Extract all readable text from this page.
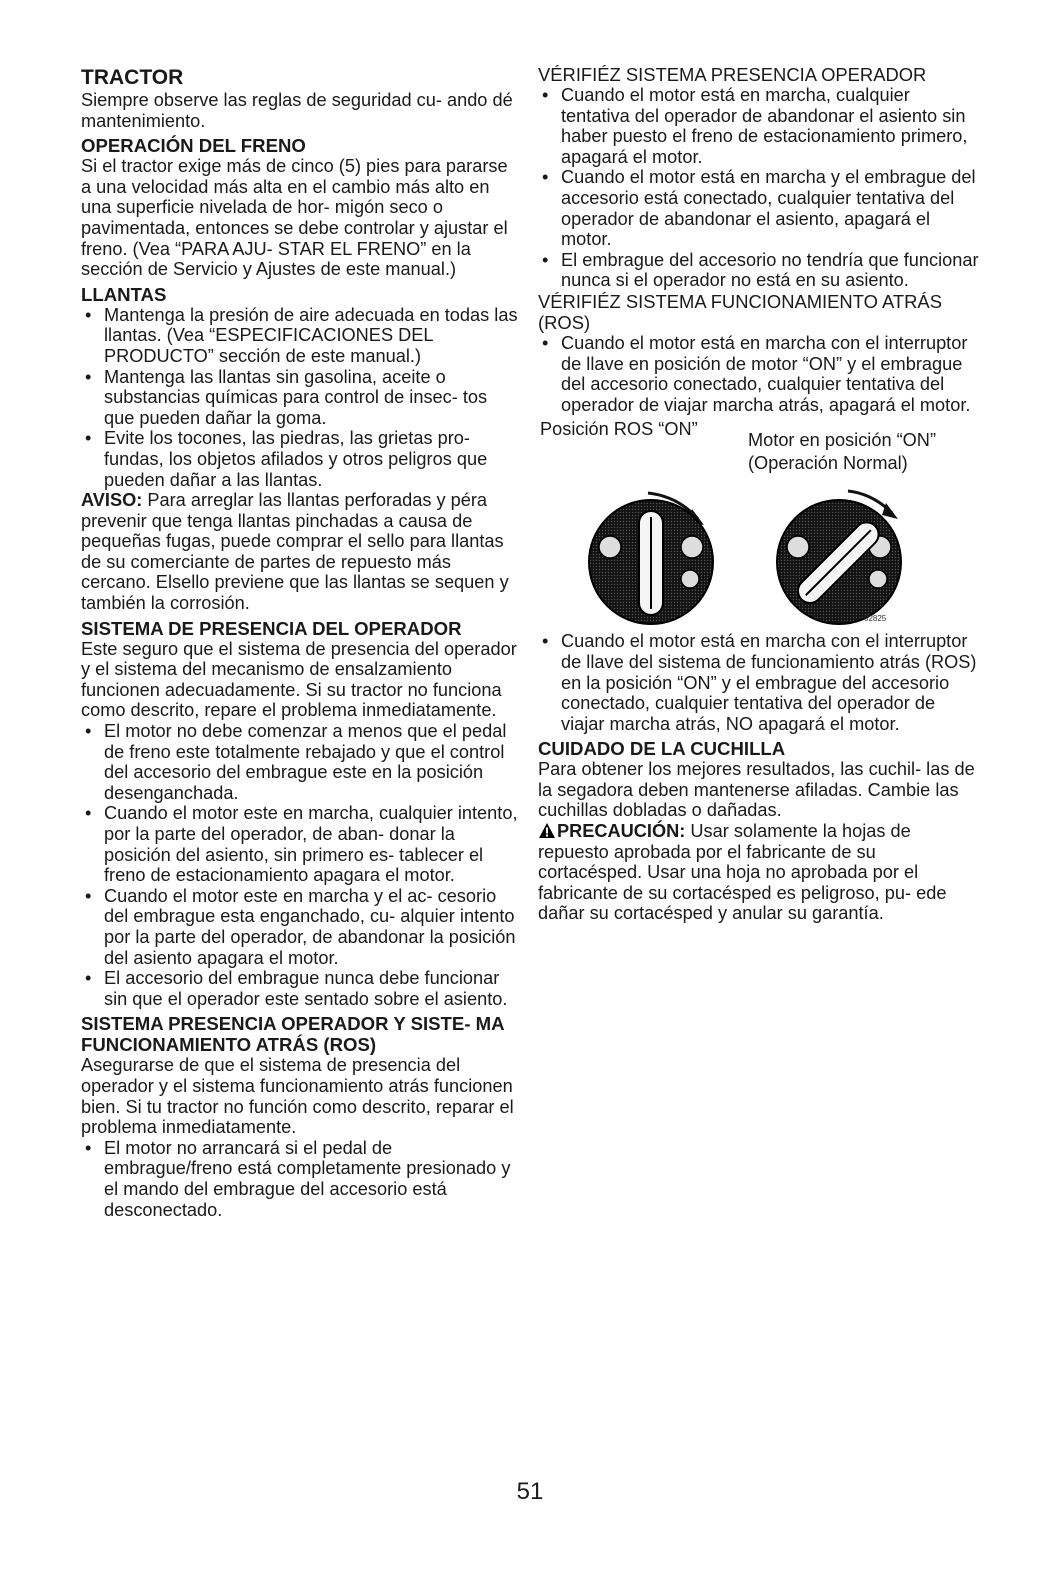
TRACTOR

Siempre observe las reglas de seguridad cu- ando dé mantenimiento.

OPERACIÓN DEL FRENO

Si el tractor exige más de cinco (5) pies para pararse a una velocidad más alta en el cambio más alto en una superficie nivelada de hor- migón seco o pavimentada, entonces se debe controlar y ajustar el freno. (Vea “PARA AJU- STAR EL FRENO” en la sección de Servicio y Ajustes de este manual.)

LLANTAS
• Mantenga la presión de aire adecuada en todas las llantas. (Vea “ESPECIFICACIONES DEL PRODUCTO” sección de este manual.)
• Mantenga las llantas sin gasolina, aceite o substancias químicas para control de insec- tos que pueden dañar la goma.
• Evite los tocones, las piedras, las grietas pro- fundas, los objetos afilados y otros peligros que pueden dañar a las llantas.

AVISO: Para arreglar las llantas perforadas y péra prevenir que tenga llantas pinchadas a causa de pequeñas fugas, puede comprar el sello para llantas de su comerciante de partes de repuesto más cercano. Elsello previene que las llantas se sequen y también la corrosión.

SISTEMA DE PRESENCIA DEL OPERADOR

Este seguro que el sistema de presencia del operador y el sistema del mecanismo de ensalzamiento funcionen adecuadamente. Si su tractor no funciona como descrito, repare el problema inmediatamente.

• El motor no debe comenzar a menos que el pedal de freno este totalmente rebajado y que el control del accesorio del embrague este en la posición desenganchada.
• Cuando el motor este en marcha, cualquier intento, por la parte del operador, de aban- donar la posición del asiento, sin primero es- tablecer el freno de estacionamiento apagara el motor.
• Cuando el motor este en marcha y el ac- cesorio del embrague esta enganchado, cu- alquier intento por la parte del operador, de abandonar la posición del asiento apagara el motor.
• El accesorio del embrague nunca debe funcionar sin que el operador este sentado sobre el asiento.
SISTEMA PRESENCIA OPERADOR Y SISTE- MA FUNCIONAMIENTO ATRÁS (ROS)

Asegurarse de que el sistema de presencia del operador y el sistema funcionamiento atrás funcionen bien. Si tu tractor no función como descrito, reparar el problema inmediatamente.

• El motor no arrancará si el pedal de embrague/freno está completamente presionado y el mando del embrague del accesorio está desconectado.

VÉRIFIÉZ SISTEMA PRESENCIA OPERADOR

• Cuando el motor está en marcha, cualquier tentativa del operador de abandonar el asiento sin haber puesto el freno de estacionamiento primero, apagará el motor.
• Cuando el motor está en marcha y el embrague del accesorio está conectado, cualquier tentativa del operador de abandonar el asiento, apagará el motor.
• El embrague del accesorio no tendría que funcionar nunca si el operador no está en su asiento.

VÉRIFIÉZ SISTEMA FUNCIONAMIENTO ATRÁS (ROS)

• Cuando el motor está en marcha con el interruptor de llave en posición de motor “ON” y el embrague del accesorio conectado, cualquier tentativa del operador de viajar marcha atrás, apagará el motor.
Posición ROS “ON”
Motor en posición “ON”
(Operación Normal)
02825
• Cuando el motor está en marcha con el interruptor de llave del sistema de funcionamiento atrás (ROS) en la posición “ON” y el embrague del accesorio conectado, cualquier tentativa del operador de viajar marcha atrás, NO apagará el motor.
CUIDADO DE LA CUCHILLA

Para obtener los mejores resultados, las cuchil- las de la segadora deben mantenerse afiladas. Cambie las cuchillas dobladas o dañadas.

PRECAUCIÓN: Usar solamente la hojas de repuesto aprobada por el fabricante de su cortacésped. Usar una hoja no aprobada por el fabricante de su cortacésped es peligroso, pu- ede dañar su cortacésped y anular su garantía.

51
